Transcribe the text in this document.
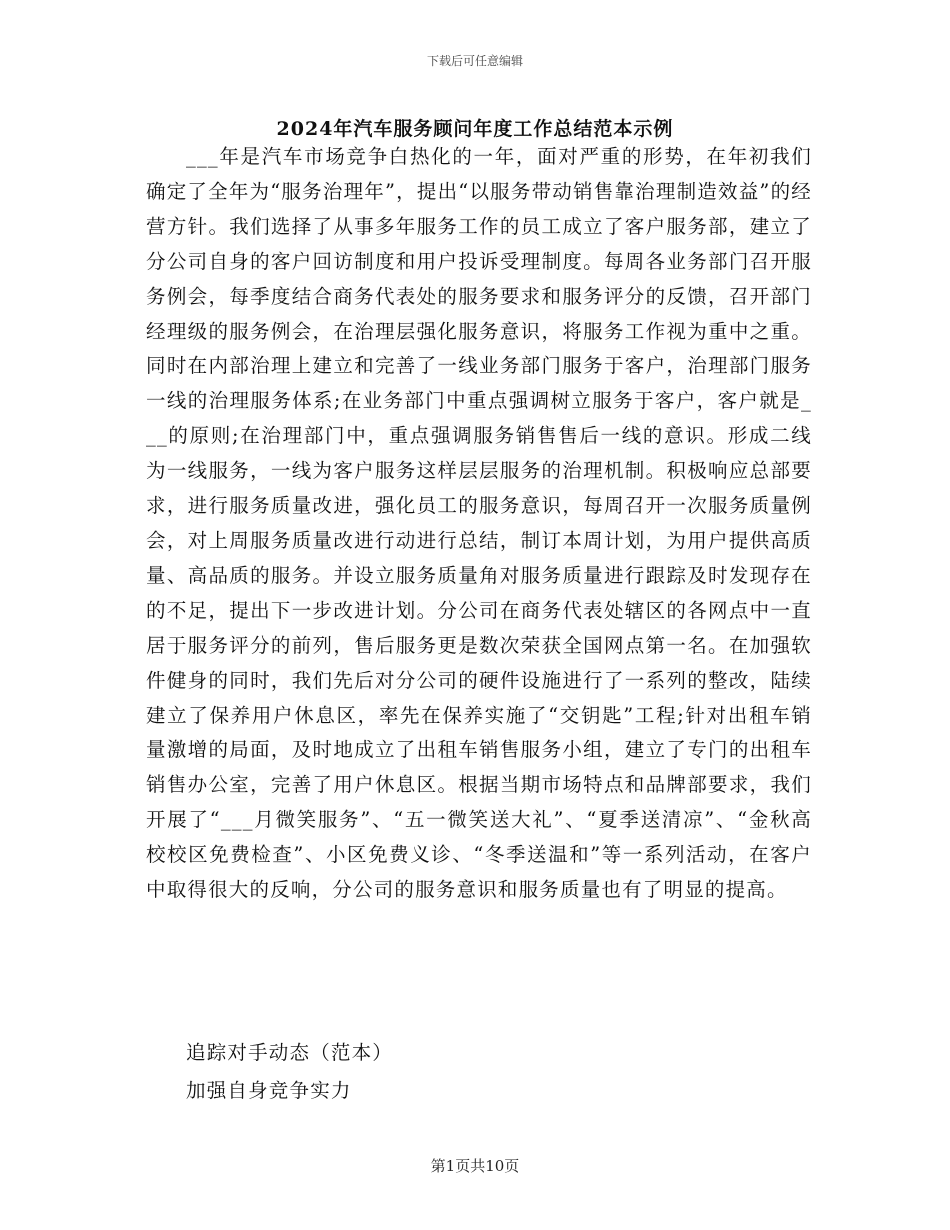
下载后可任意编辑
2024年汽车服务顾问年度工作总结范本示例

___年是汽车市场竞争白热化的一年，面对严重的形势，在年初我们确定了全年为“服务治理年”，提出“以服务带动销售靠治理制造效益”的经营方针。我们选择了从事多年服务工作的员工成立了客户服务部，建立了分公司自身的客户回访制度和用户投诉受理制度。每周各业务部门召开服务例会，每季度结合商务代表处的服务要求和服务评分的反馈，召开部门经理级的服务例会，在治理层强化服务意识，将服务工作视为重中之重。同时在内部治理上建立和完善了一线业务部门服务于客户，治理部门服务一线的治理服务体系;在业务部门中重点强调树立服务于客户，客户就是___的原则;在治理部门中，重点强调服务销售售后一线的意识。形成二线为一线服务，一线为客户服务这样层层服务的治理机制。积极响应总部要求，进行服务质量改进，强化员工的服务意识，每周召开一次服务质量例会，对上周服务质量改进行动进行总结，制订本周计划，为用户提供高质量、高品质的服务。并设立服务质量角对服务质量进行跟踪及时发现存在的不足，提出下一步改进计划。分公司在商务代表处辖区的各网点中一直居于服务评分的前列，售后服务更是数次荣获全国网点第一名。在加强软件健身的同时，我们先后对分公司的硬件设施进行了一系列的整改，陆续建立了保养用户休息区，率先在保养实施了“交钥匙”工程;针对出租车销量激增的局面，及时地成立了出租车销售服务小组，建立了专门的出租车销售办公室，完善了用户休息区。根据当期市场特点和品牌部要求，我们开展了“___月微笑服务”、“五一微笑送大礼”、“夏季送清凉”、“金秋高校校区免费检查”、小区免费义诊、“冬季送温和”等一系列活动，在客户中取得很大的反响，分公司的服务意识和服务质量也有了明显的提高。

追踪对手动态（范本）

加强自身竞争实力

第1页共10页
